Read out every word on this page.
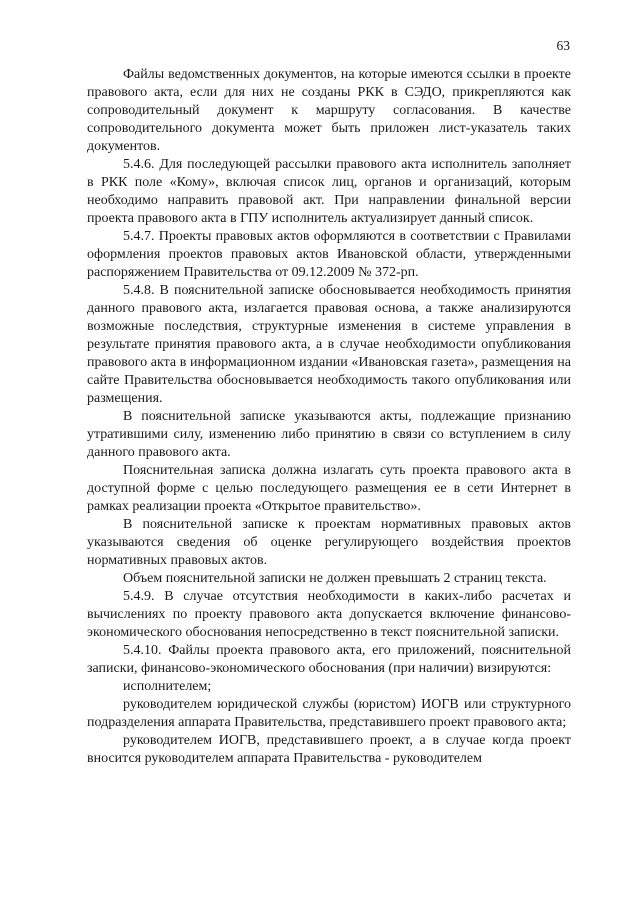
63

Файлы ведомственных документов, на которые имеются ссылки в проекте правового акта, если для них не созданы РКК в СЭДО, прикрепляются как сопроводительный документ к маршруту согласования. В качестве сопроводительного документа может быть приложен лист-указатель таких документов.

5.4.6. Для последующей рассылки правового акта исполнитель заполняет в РКК поле «Кому», включая список лиц, органов и организаций, которым необходимо направить правовой акт. При направлении финальной версии проекта правового акта в ГПУ исполнитель актуализирует данный список.

5.4.7. Проекты правовых актов оформляются в соответствии с Правилами оформления проектов правовых актов Ивановской области, утвержденными распоряжением Правительства от 09.12.2009 № 372-рп.

5.4.8. В пояснительной записке обосновывается необходимость принятия данного правового акта, излагается правовая основа, а также анализируются возможные последствия, структурные изменения в системе управления в результате принятия правового акта, а в случае необходимости опубликования правового акта в информационном издании «Ивановская газета», размещения на сайте Правительства обосновывается необходимость такого опубликования или размещения.

В пояснительной записке указываются акты, подлежащие признанию утратившими силу, изменению либо принятию в связи со вступлением в силу данного правового акта.

Пояснительная записка должна излагать суть проекта правового акта в доступной форме с целью последующего размещения ее в сети Интернет в рамках реализации проекта «Открытое правительство».

В пояснительной записке к проектам нормативных правовых актов указываются сведения об оценке регулирующего воздействия проектов нормативных правовых актов.

Объем пояснительной записки не должен превышать 2 страниц текста.

5.4.9. В случае отсутствия необходимости в каких-либо расчетах и вычислениях по проекту правового акта допускается включение финансово-экономического обоснования непосредственно в текст пояснительной записки.

5.4.10. Файлы проекта правового акта, его приложений, пояснительной записки, финансово-экономического обоснования (при наличии) визируются:

исполнителем;

руководителем юридической службы (юристом) ИОГВ или структурного подразделения аппарата Правительства, представившего проект правового акта;

руководителем ИОГВ, представившего проект, а в случае когда проект вносится руководителем аппарата Правительства - руководителем
